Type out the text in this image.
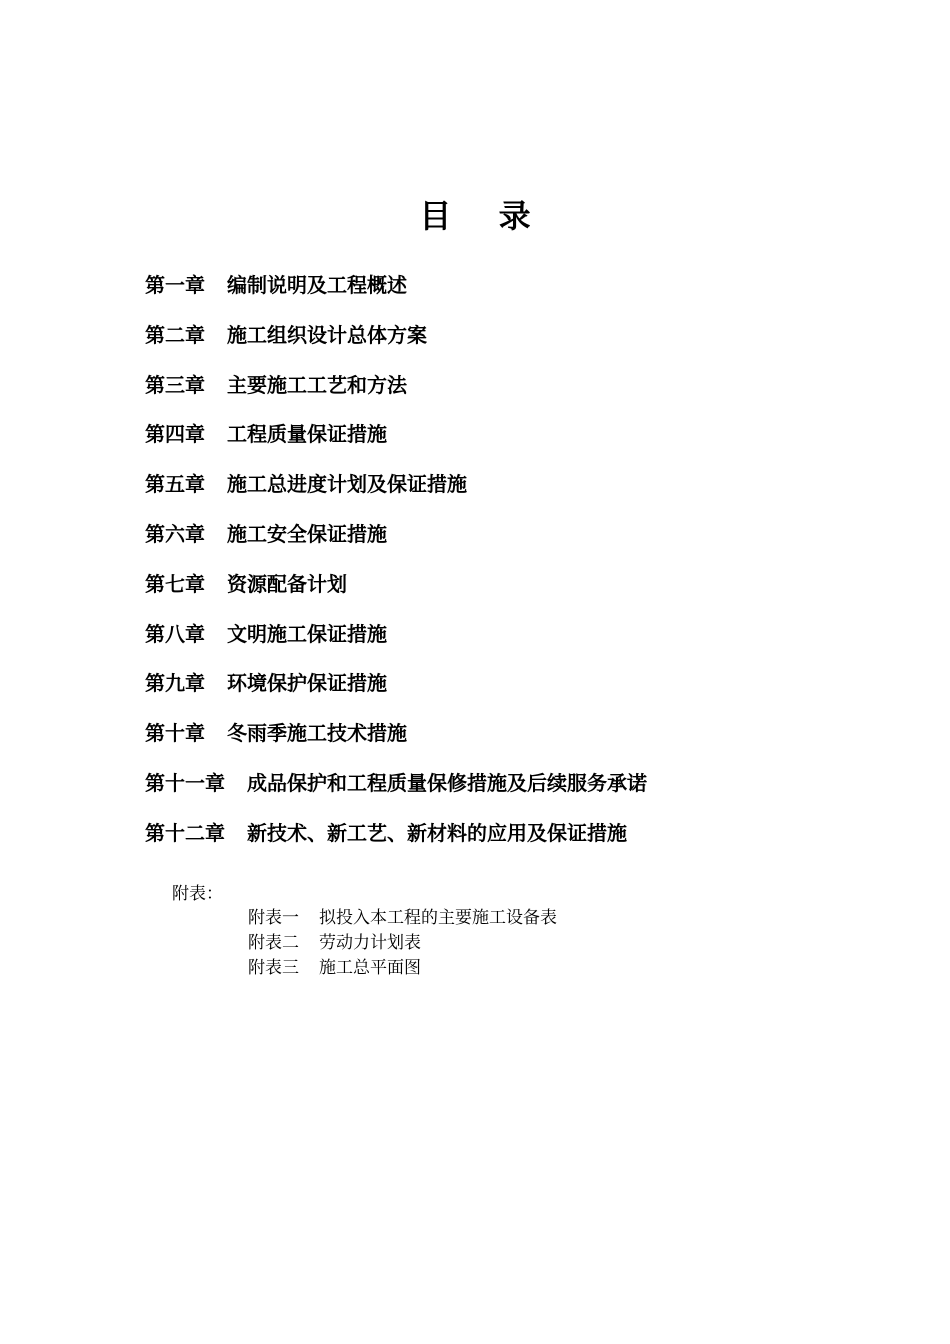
目 录
第一章 编制说明及工程概述
第二章 施工组织设计总体方案
第三章 主要施工工艺和方法
第四章 工程质量保证措施
第五章 施工总进度计划及保证措施
第六章 施工安全保证措施
第七章 资源配备计划
第八章 文明施工保证措施
第九章 环境保护保证措施
第十章 冬雨季施工技术措施
第十一章 成品保护和工程质量保修措施及后续服务承诺
第十二章 新技术、新工艺、新材料的应用及保证措施
附表：
附表一 拟投入本工程的主要施工设备表
附表二 劳动力计划表
附表三 施工总平面图
